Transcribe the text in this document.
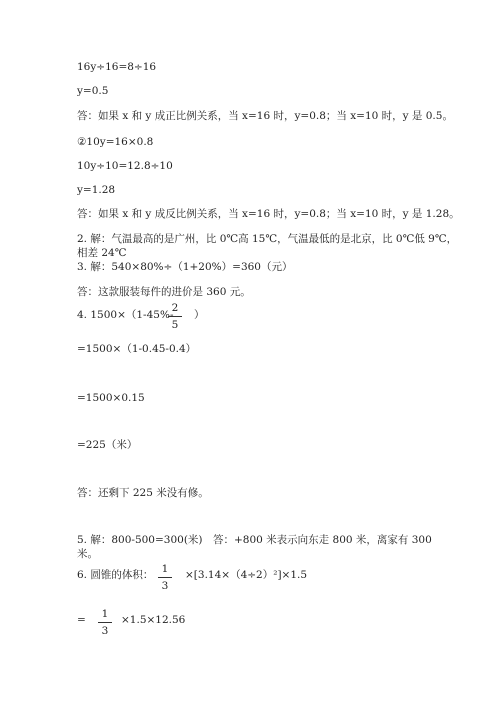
16y÷16=8÷16
y=0.5
答：如果 x 和 y 成正比例关系，当 x=16 时，y=0.8；当 x=10 时，y 是 0.5。
②10y=16×0.8
10y÷10=12.8÷10
y=1.28
答：如果 x 和 y 成反比例关系，当 x=16 时，y=0.8；当 x=10 时，y 是 1.28。
2. 解：气温最高的是广州，比 0℃高 15℃，气温最低的是北京，比 0℃低 9℃，
相差 24℃
3. 解：540×80%÷（1+20%）=360（元）
答：这款服装每件的进价是 360 元。
4. 1500×（1-45%-
2
5
）
=1500×（1-0.45-0.4）
=1500×0.15
=225（米）
答：还剩下 225 米没有修。
5. 解：800-500=300(米) 答：+800 米表示向东走 800 米，离家有 300
米。
6. 圆锥的体积： 1
3
×[3.14×（4÷2）²]×1.5
=	1
3
×1.5×12.56
